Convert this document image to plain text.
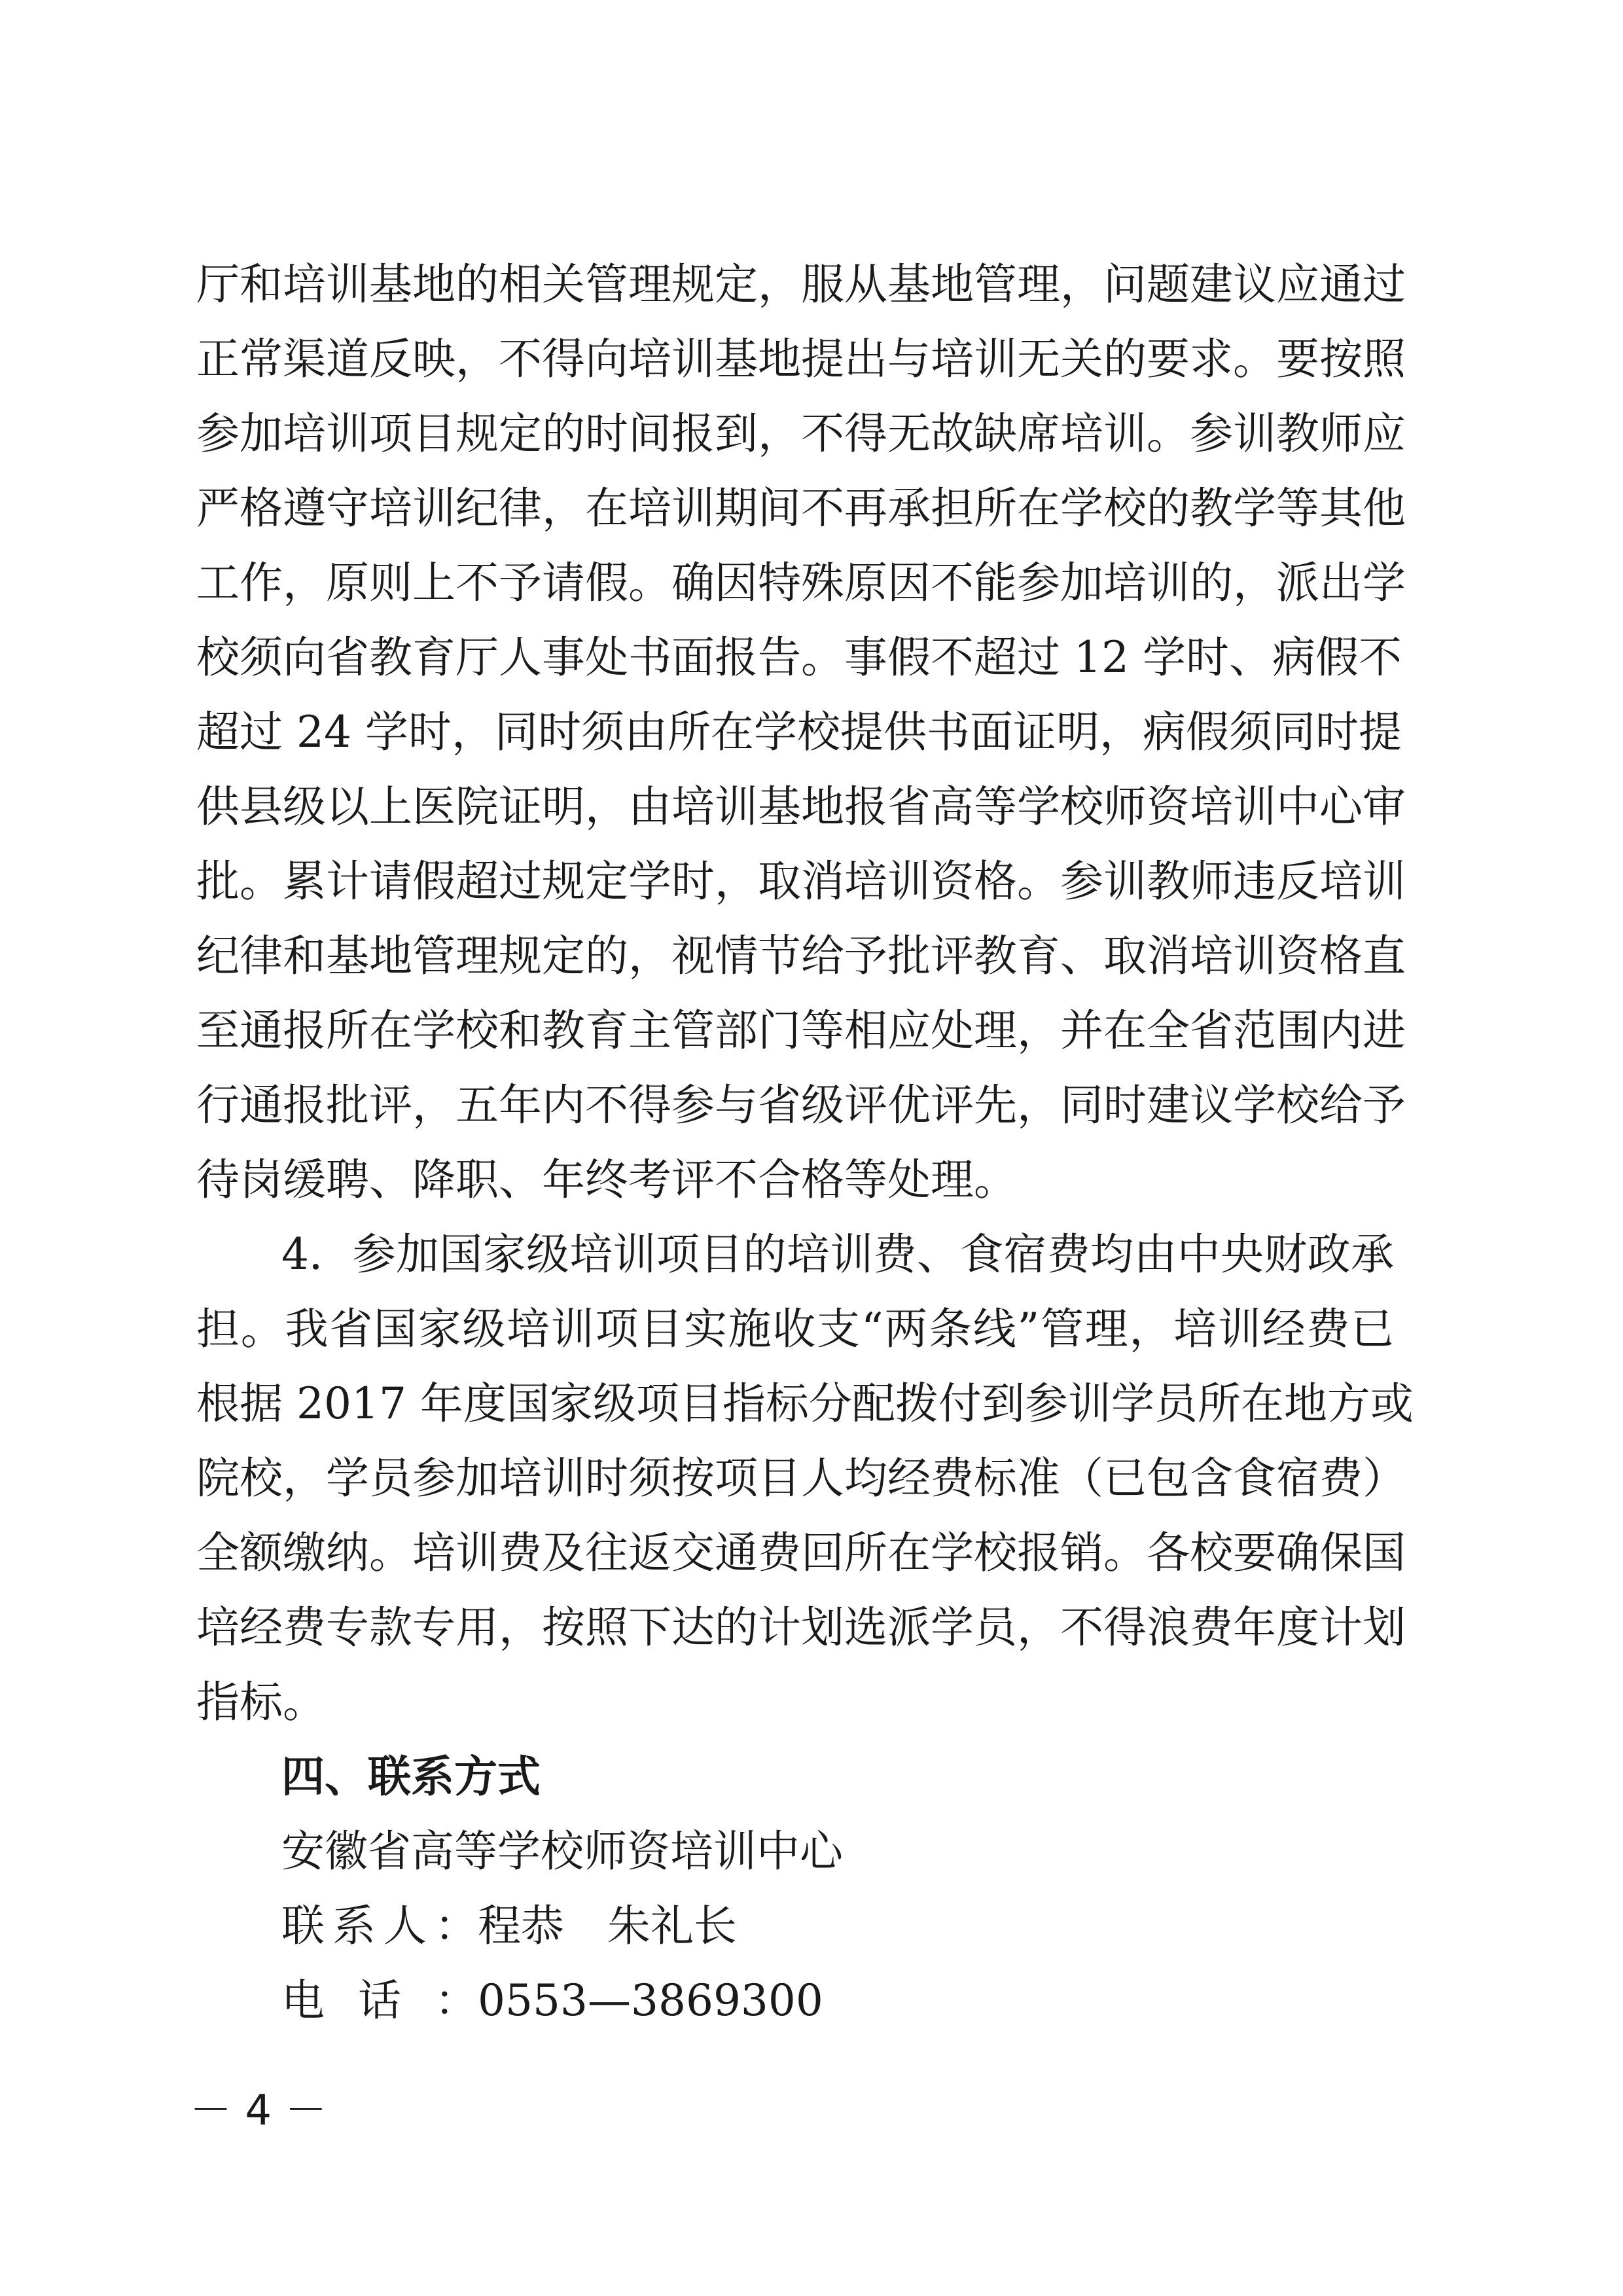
厅和培训基地的相关管理规定，服从基地管理，问题建议应通过
正常渠道反映，不得向培训基地提出与培训无关的要求。要按照
参加培训项目规定的时间报到，不得无故缺席培训。参训教师应
严格遵守培训纪律，在培训期间不再承担所在学校的教学等其他
工作，原则上不予请假。确因特殊原因不能参加培训的，派出学
校须向省教育厅人事处书面报告。事假不超过 12 学时、病假不
超过 24 学时，同时须由所在学校提供书面证明，病假须同时提
供县级以上医院证明，由培训基地报省高等学校师资培训中心审
批。累计请假超过规定学时，取消培训资格。参训教师违反培训
纪律和基地管理规定的，视情节给予批评教育、取消培训资格直
至通报所在学校和教育主管部门等相应处理，并在全省范围内进
行通报批评，五年内不得参与省级评优评先，同时建议学校给予
待岗缓聘、降职、年终考评不合格等处理。
4．参加国家级培训项目的培训费、食宿费均由中央财政承
担。我省国家级培训项目实施收支“两条线”管理，培训经费已
根据 2017 年度国家级项目指标分配拨付到参训学员所在地方或
院校，学员参加培训时须按项目人均经费标准（已包含食宿费）
全额缴纳。培训费及往返交通费回所在学校报销。各校要确保国
培经费专款专用，按照下达的计划选派学员，不得浪费年度计划
指标。
四、联系方式
安徽省高等学校师资培训中心
联系人：程恭　朱礼长
电话：0553—3869300
－ 4 －
